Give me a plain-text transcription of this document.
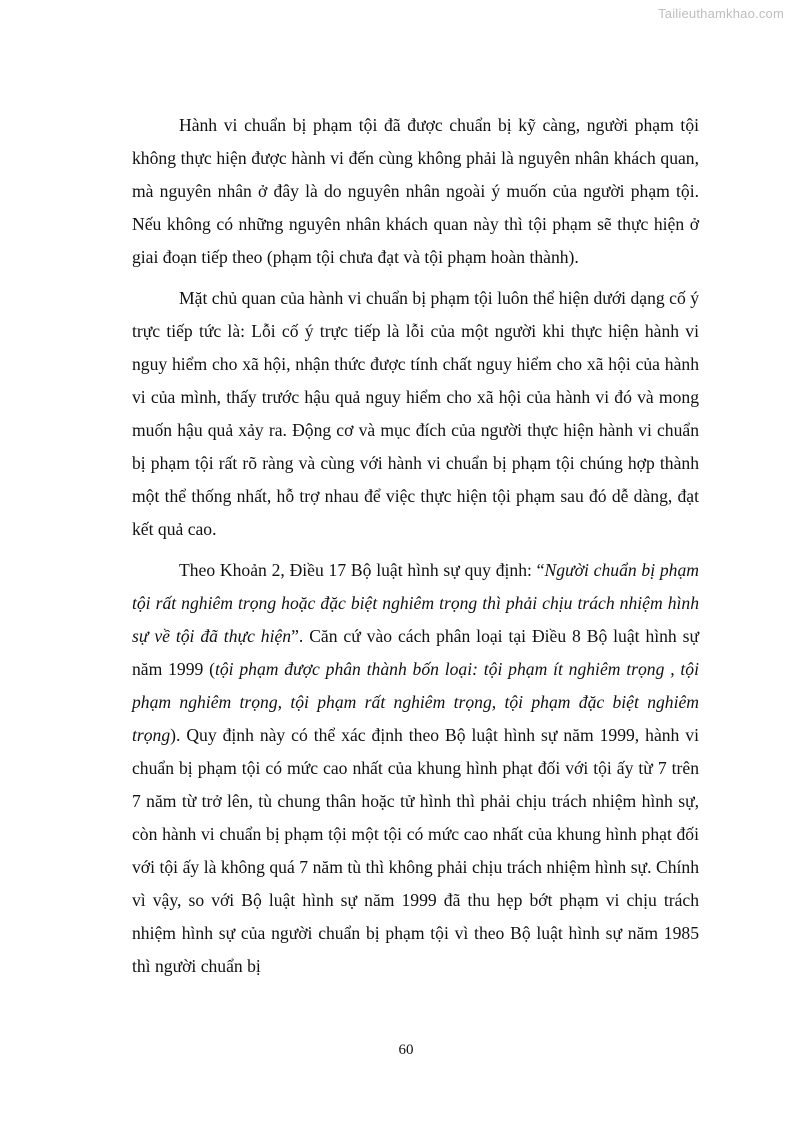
Tailieuthamkhao.com

Hành vi chuẩn bị phạm tội đã được chuẩn bị kỹ càng, người phạm tội không thực hiện được hành vi đến cùng không phải là nguyên nhân khách quan, mà nguyên nhân ở đây là do nguyên nhân ngoài ý muốn của người phạm tội. Nếu không có những nguyên nhân khách quan này thì tội phạm sẽ thực hiện ở giai đoạn tiếp theo (phạm tội chưa đạt và tội phạm hoàn thành).

Mặt chủ quan của hành vi chuẩn bị phạm tội luôn thể hiện dưới dạng cố ý trực tiếp tức là: Lỗi cố ý trực tiếp là lỗi của một người khi thực hiện hành vi nguy hiểm cho xã hội, nhận thức được tính chất nguy hiểm cho xã hội của hành vi của mình, thấy trước hậu quả nguy hiểm cho xã hội của hành vi đó và mong muốn hậu quả xảy ra. Động cơ và mục đích của người thực hiện hành vi chuẩn bị phạm tội rất rõ ràng và cùng với hành vi chuẩn bị phạm tội chúng hợp thành một thể thống nhất, hỗ trợ nhau để việc thực hiện tội phạm sau đó dễ dàng, đạt kết quả cao.

Theo Khoản 2, Điều 17 Bộ luật hình sự quy định: “Người chuẩn bị phạm tội rất nghiêm trọng hoặc đặc biệt nghiêm trọng thì phải chịu trách nhiệm hình sự về tội đã thực hiện”. Căn cứ vào cách phân loại tại Điều 8 Bộ luật hình sự năm 1999 (tội phạm được phân thành bốn loại: tội phạm ít nghiêm trọng , tội phạm nghiêm trọng, tội phạm rất nghiêm trọng, tội phạm đặc biệt nghiêm trọng). Quy định này có thể xác định theo Bộ luật hình sự năm 1999, hành vi chuẩn bị phạm tội có mức cao nhất của khung hình phạt đối với tội ấy từ 7 trên 7 năm từ trở lên, tù chung thân hoặc tử hình thì phải chịu trách nhiệm hình sự, còn hành vi chuẩn bị phạm tội một tội có mức cao nhất của khung hình phạt đối với tội ấy là không quá 7 năm tù thì không phải chịu trách nhiệm hình sự. Chính vì vậy, so với Bộ luật hình sự năm 1999 đã thu hẹp bớt phạm vi chịu trách nhiệm hình sự của người chuẩn bị phạm tội vì theo Bộ luật hình sự năm 1985 thì người chuẩn bị

60
